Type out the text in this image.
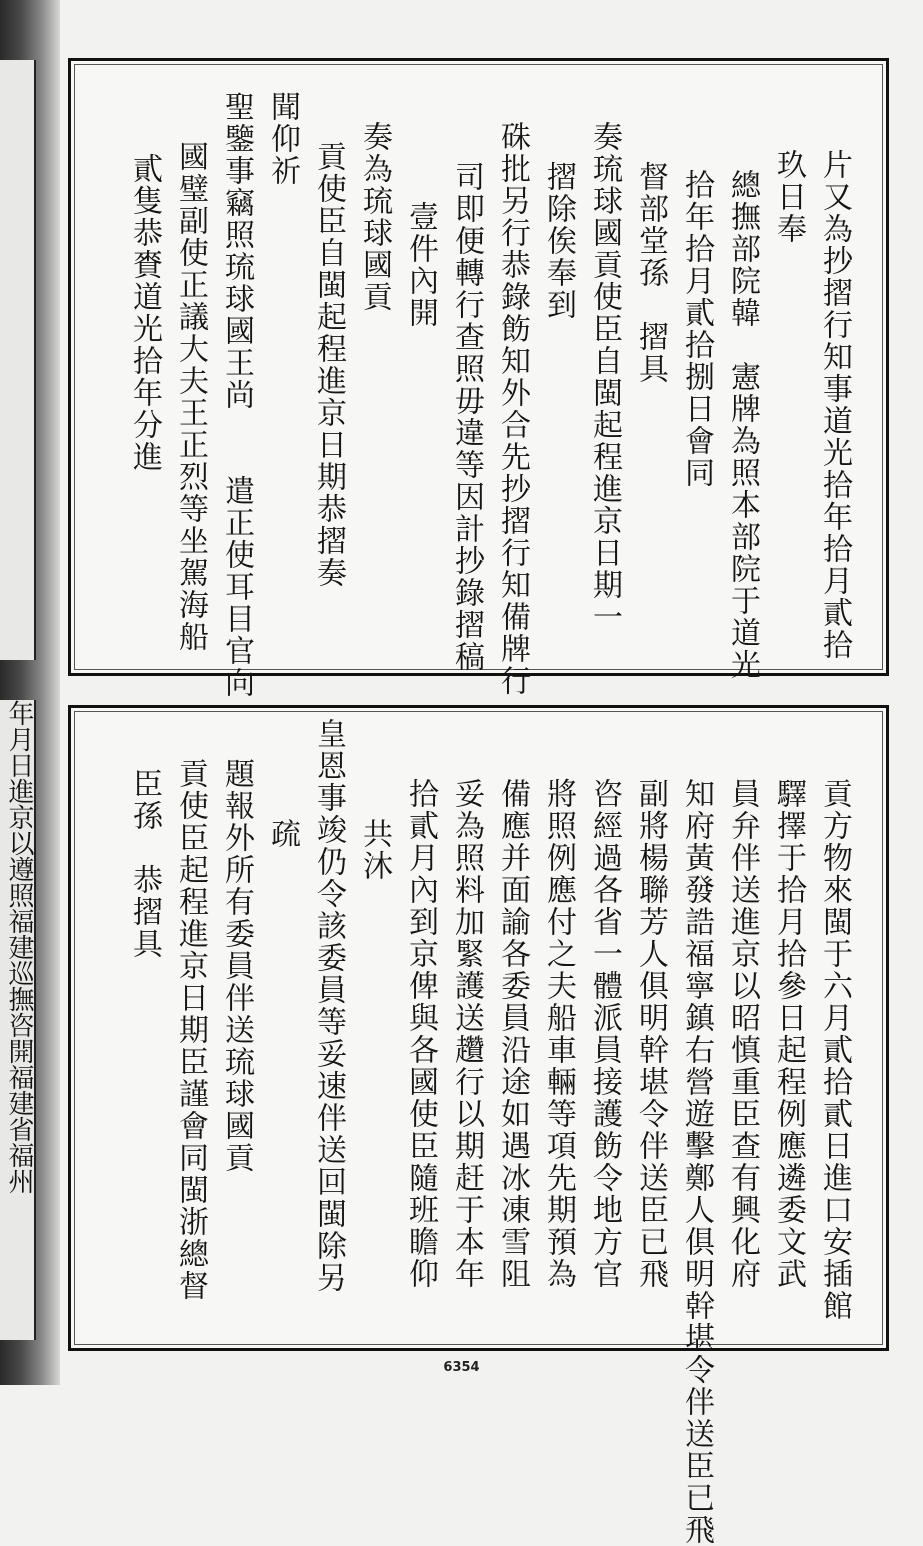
年月日進京以遵照福建巡撫咨開福建省福州
片又為抄摺行知事道光拾年拾月貳拾
玖日奉
總撫部院韓　憲牌為照本部院于道光
拾年拾月貳拾捌日會同
督部堂孫　摺具
奏琉球國貢使臣自閩起程進京日期一
摺除俟奉到
硃批另行恭錄飭知外合先抄摺行知備牌行
司即便轉行查照毋違等因計抄錄摺稿
壹件內開
奏為琉球國貢
貢使臣自閩起程進京日期恭摺奏
聞仰祈
聖鑒事竊照琉球國王尚　　遣正使耳目官向
國璧副使正議大夫王正烈等坐駕海船
貳隻恭賚道光拾年分進
貢方物來閩于六月貳拾貳日進口安插館
驛擇于拾月拾參日起程例應遴委文武
員弁伴送進京以昭慎重臣查有興化府
知府黃發誥福寧鎮右營遊擊鄭人俱明幹堪令伴送臣已飛
副將楊聯芳人俱明幹堪令伴送臣已飛
咨經過各省一體派員接護飭令地方官
將照例應付之夫船車輛等項先期預為
備應并面諭各委員沿途如遇冰凍雪阻
妥為照料加緊護送趲行以期赶于本年
拾貳月內到京俾與各國使臣隨班瞻仰
共沐
皇恩事竣仍令該委員等妥速伴送回閩除另
疏
題報外所有委員伴送琉球國貢
貢使臣起程進京日期臣謹會同閩浙總督
臣孫　恭摺具
6354
